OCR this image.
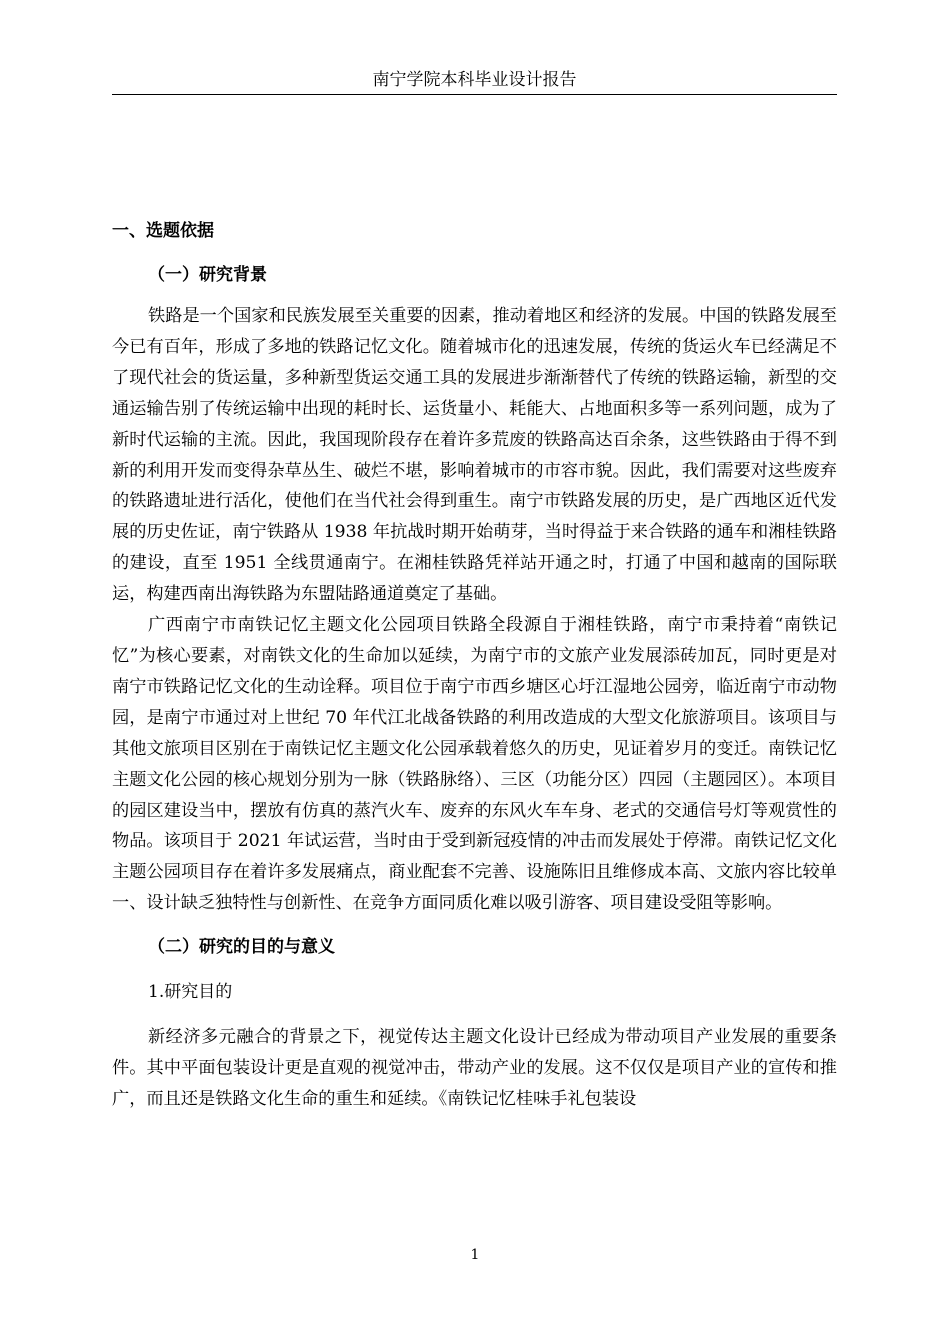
南宁学院本科毕业设计报告
一、选题依据
（一）研究背景

铁路是一个国家和民族发展至关重要的因素，推动着地区和经济的发展。中国的铁路发展至今已有百年，形成了多地的铁路记忆文化。随着城市化的迅速发展，传统的货运火车已经满足不了现代社会的货运量，多种新型货运交通工具的发展进步渐渐替代了传统的铁路运输，新型的交通运输告别了传统运输中出现的耗时长、运货量小、耗能大、占地面积多等一系列问题，成为了新时代运输的主流。因此，我国现阶段存在着许多荒废的铁路高达百余条，这些铁路由于得不到新的利用开发而变得杂草丛生、破烂不堪，影响着城市的市容市貌。因此，我们需要对这些废弃的铁路遗址进行活化，使他们在当代社会得到重生。南宁市铁路发展的历史，是广西地区近代发展的历史佐证，南宁铁路从 1938 年抗战时期开始萌芽，当时得益于来合铁路的通车和湘桂铁路的建设，直至 1951 全线贯通南宁。在湘桂铁路凭祥站开通之时，打通了中国和越南的国际联运，构建西南出海铁路为东盟陆路通道奠定了基础。

广西南宁市南铁记忆主题文化公园项目铁路全段源自于湘桂铁路，南宁市秉持着“南铁记忆”为核心要素，对南铁文化的生命加以延续，为南宁市的文旅产业发展添砖加瓦，同时更是对南宁市铁路记忆文化的生动诠释。项目位于南宁市西乡塘区心圩江湿地公园旁，临近南宁市动物园，是南宁市通过对上世纪 70 年代江北战备铁路的利用改造成的大型文化旅游项目。该项目与其他文旅项目区别在于南铁记忆主题文化公园承载着悠久的历史，见证着岁月的变迁。南铁记忆主题文化公园的核心规划分别为一脉（铁路脉络）、三区（功能分区）四园（主题园区）。本项目的园区建设当中，摆放有仿真的蒸汽火车、废弃的东风火车车身、老式的交通信号灯等观赏性的物品。该项目于 2021 年试运营，当时由于受到新冠疫情的冲击而发展处于停滞。南铁记忆文化主题公园项目存在着许多发展痛点，商业配套不完善、设施陈旧且维修成本高、文旅内容比较单一、设计缺乏独特性与创新性、在竞争方面同质化难以吸引游客、项目建设受阻等影响。

（二）研究的目的与意义
1.研究目的

新经济多元融合的背景之下，视觉传达主题文化设计已经成为带动项目产业发展的重要条件。其中平面包装设计更是直观的视觉冲击，带动产业的发展。这不仅仅是项目产业的宣传和推广，而且还是铁路文化生命的重生和延续。《南铁记忆桂味手礼包装设

1
